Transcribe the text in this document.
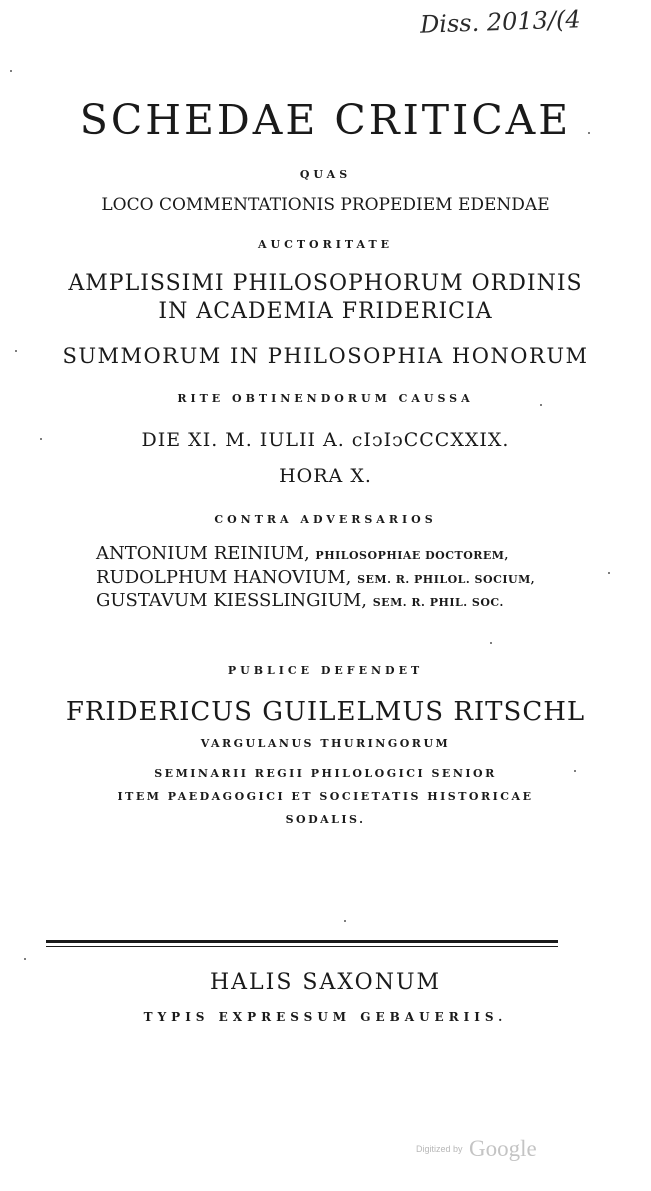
Diss. 2013/(4
SCHEDAE CRITICAE
QUAS
LOCO COMMENTATIONIS PROPEDIEM EDENDAE
AUCTORITATE
AMPLISSIMI PHILOSOPHORUM ORDINIS
IN ACADEMIA FRIDERICIA
SUMMORUM IN PHILOSOPHIA HONORUM
RITE OBTINENDORUM CAUSSA
DIE XI. M. IULII A. cIↄIↄCCCXXIX.
HORA X.
CONTRA ADVERSARIOS
ANTONIUM REINIUM, PHILOSOPHIAE DOCTOREM,
RUDOLPHUM HANOVIUM, SEM. R. PHILOL. SOCIUM,
GUSTAVUM KIESSLINGIUM, SEM. R. PHIL. SOC.
PUBLICE DEFENDET
FRIDERICUS GUILELMUS RITSCHL
VARGULANUS THURINGORUM
SEMINARII REGII PHILOLOGICI SENIOR
ITEM PAEDAGOGICI ET SOCIETATIS HISTORICAE
SODALIS.
HALIS SAXONUM
TYPIS EXPRESSUM GEBAUERIIS.
Digitized by Google
